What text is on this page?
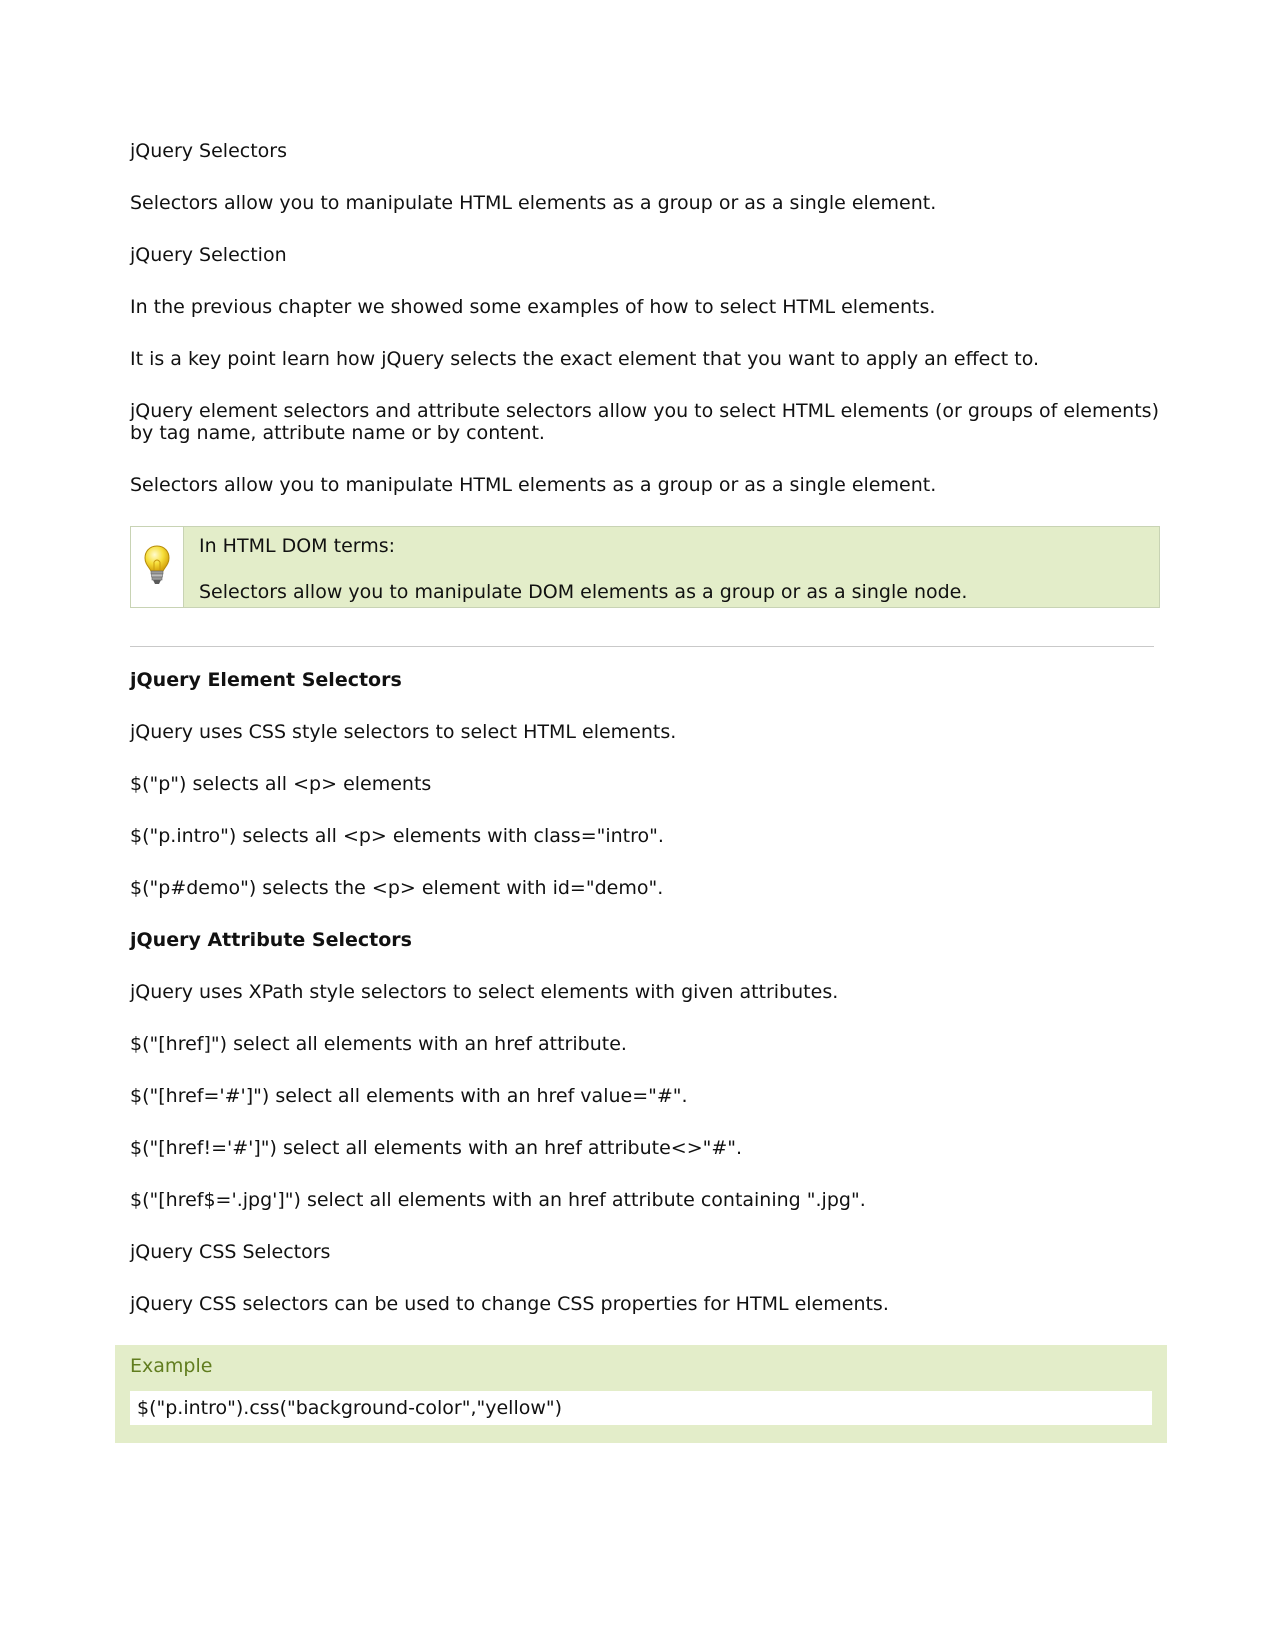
jQuery Selectors

Selectors allow you to manipulate HTML elements as a group or as a single element.

jQuery Selection

In the previous chapter we showed some examples of how to select HTML elements.

It is a key point learn how jQuery selects the exact element that you want to apply an effect to.

jQuery element selectors and attribute selectors allow you to select HTML elements (or groups of elements) by tag name, attribute name or by content.

Selectors allow you to manipulate HTML elements as a group or as a single element.

In HTML DOM terms:

Selectors allow you to manipulate DOM elements as a group or as a single node.

jQuery Element Selectors

jQuery uses CSS style selectors to select HTML elements.

$("p") selects all <p> elements

$("p.intro") selects all <p> elements with class="intro".

$("p#demo") selects the <p> element with id="demo".

jQuery Attribute Selectors

jQuery uses XPath style selectors to select elements with given attributes.

$("[href]") select all elements with an href attribute.

$("[href='#']") select all elements with an href value="#".

$("[href!='#']") select all elements with an href attribute<>"#".

$("[href$='.jpg']") select all elements with an href attribute containing ".jpg".

jQuery CSS Selectors

jQuery CSS selectors can be used to change CSS properties for HTML elements.

Example
$("p.intro").css("background-color","yellow")
